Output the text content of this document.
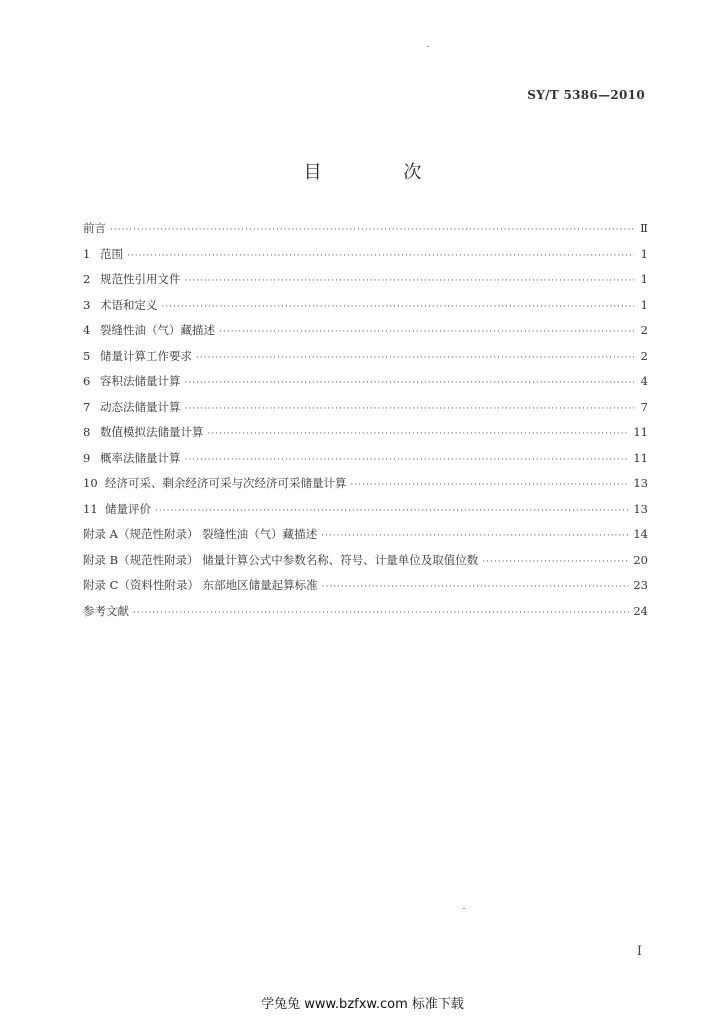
SY/T 5386—2010
目 次
前言 ·····	Ⅱ
1 范围 ·····	1
2 规范性引用文件 ·····	1
3 术语和定义 ·····	1
4 裂缝性油（气）藏描述 ·····	2
5 储量计算工作要求 ·····	2
6 容积法储量计算 ·····	4
7 动态法储量计算 ·····	7
8 数值模拟法储量计算 ·····	11
9 概率法储量计算 ·····	11
10 经济可采、剩余经济可采与次经济可采储量计算 ·····	13
11 储量评价 ·····	13
附录 A（规范性附录） 裂缝性油（气）藏描述 ·····	14
附录 B（规范性附录） 储量计算公式中参数名称、符号、计量单位及取值位数 ·····	20
附录 C（资料性附录） 东部地区储量起算标准 ·····	23
参考文献 ·····	24
Ⅰ
学兔兔 www.bzfxw.com 标准下载
